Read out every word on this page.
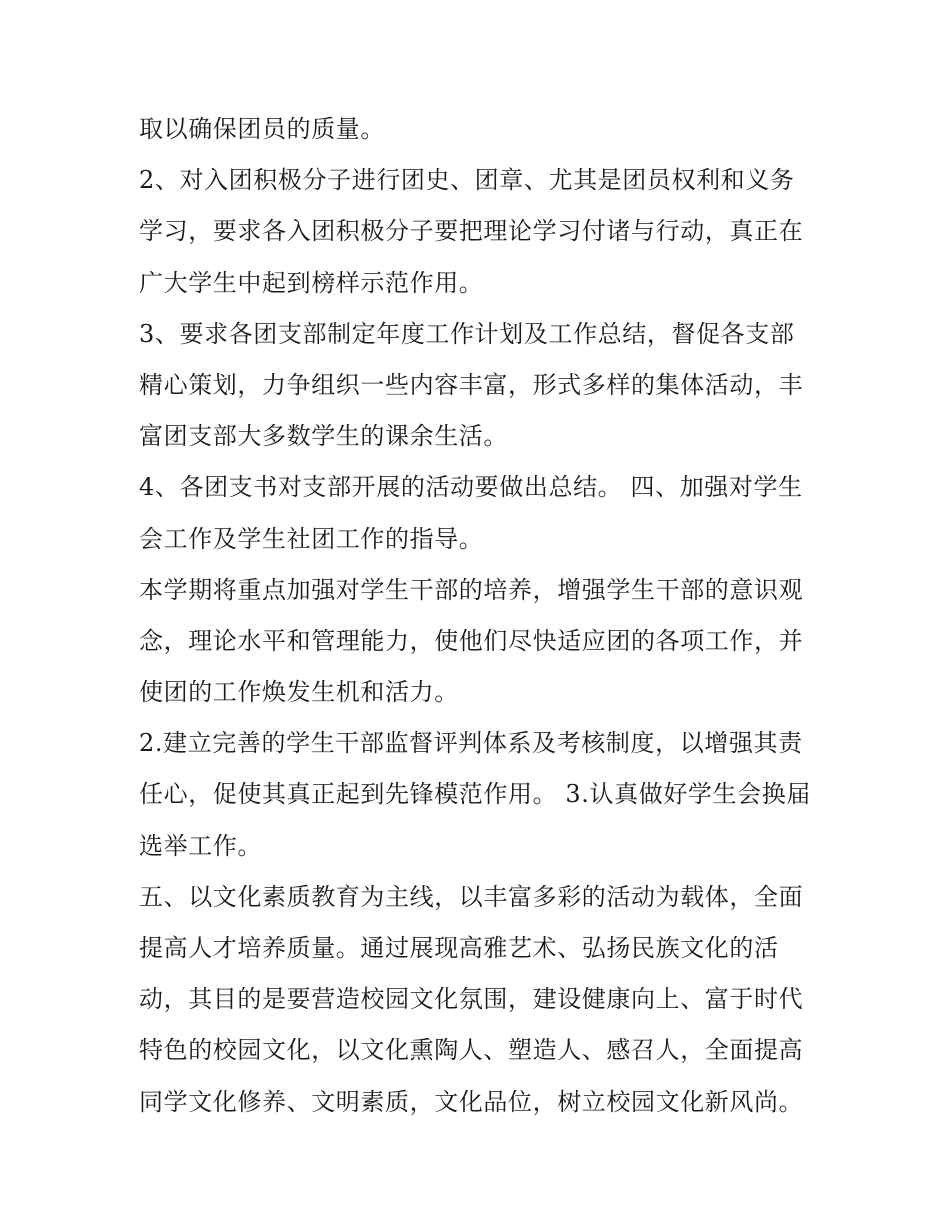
取以确保团员的质量。
2、对入团积极分子进行团史、团章、尤其是团员权利和义务
学习，要求各入团积极分子要把理论学习付诸与行动，真正在
广大学生中起到榜样示范作用。
3、要求各团支部制定年度工作计划及工作总结，督促各支部
精心策划，力争组织一些内容丰富，形式多样的集体活动，丰
富团支部大多数学生的课余生活。
4、各团支书对支部开展的活动要做出总结。 四、加强对学生
会工作及学生社团工作的指导。
本学期将重点加强对学生干部的培养，增强学生干部的意识观
念，理论水平和管理能力，使他们尽快适应团的各项工作，并
使团的工作焕发生机和活力。
2.建立完善的学生干部监督评判体系及考核制度，以增强其责
任心，促使其真正起到先锋模范作用。 3.认真做好学生会换届
选举工作。
五、以文化素质教育为主线，以丰富多彩的活动为载体，全面
提高人才培养质量。通过展现高雅艺术、弘扬民族文化的活
动，其目的是要营造校园文化氛围，建设健康向上、富于时代
特色的校园文化，以文化熏陶人、塑造人、感召人，全面提高
同学文化修养、文明素质，文化品位，树立校园文化新风尚。
